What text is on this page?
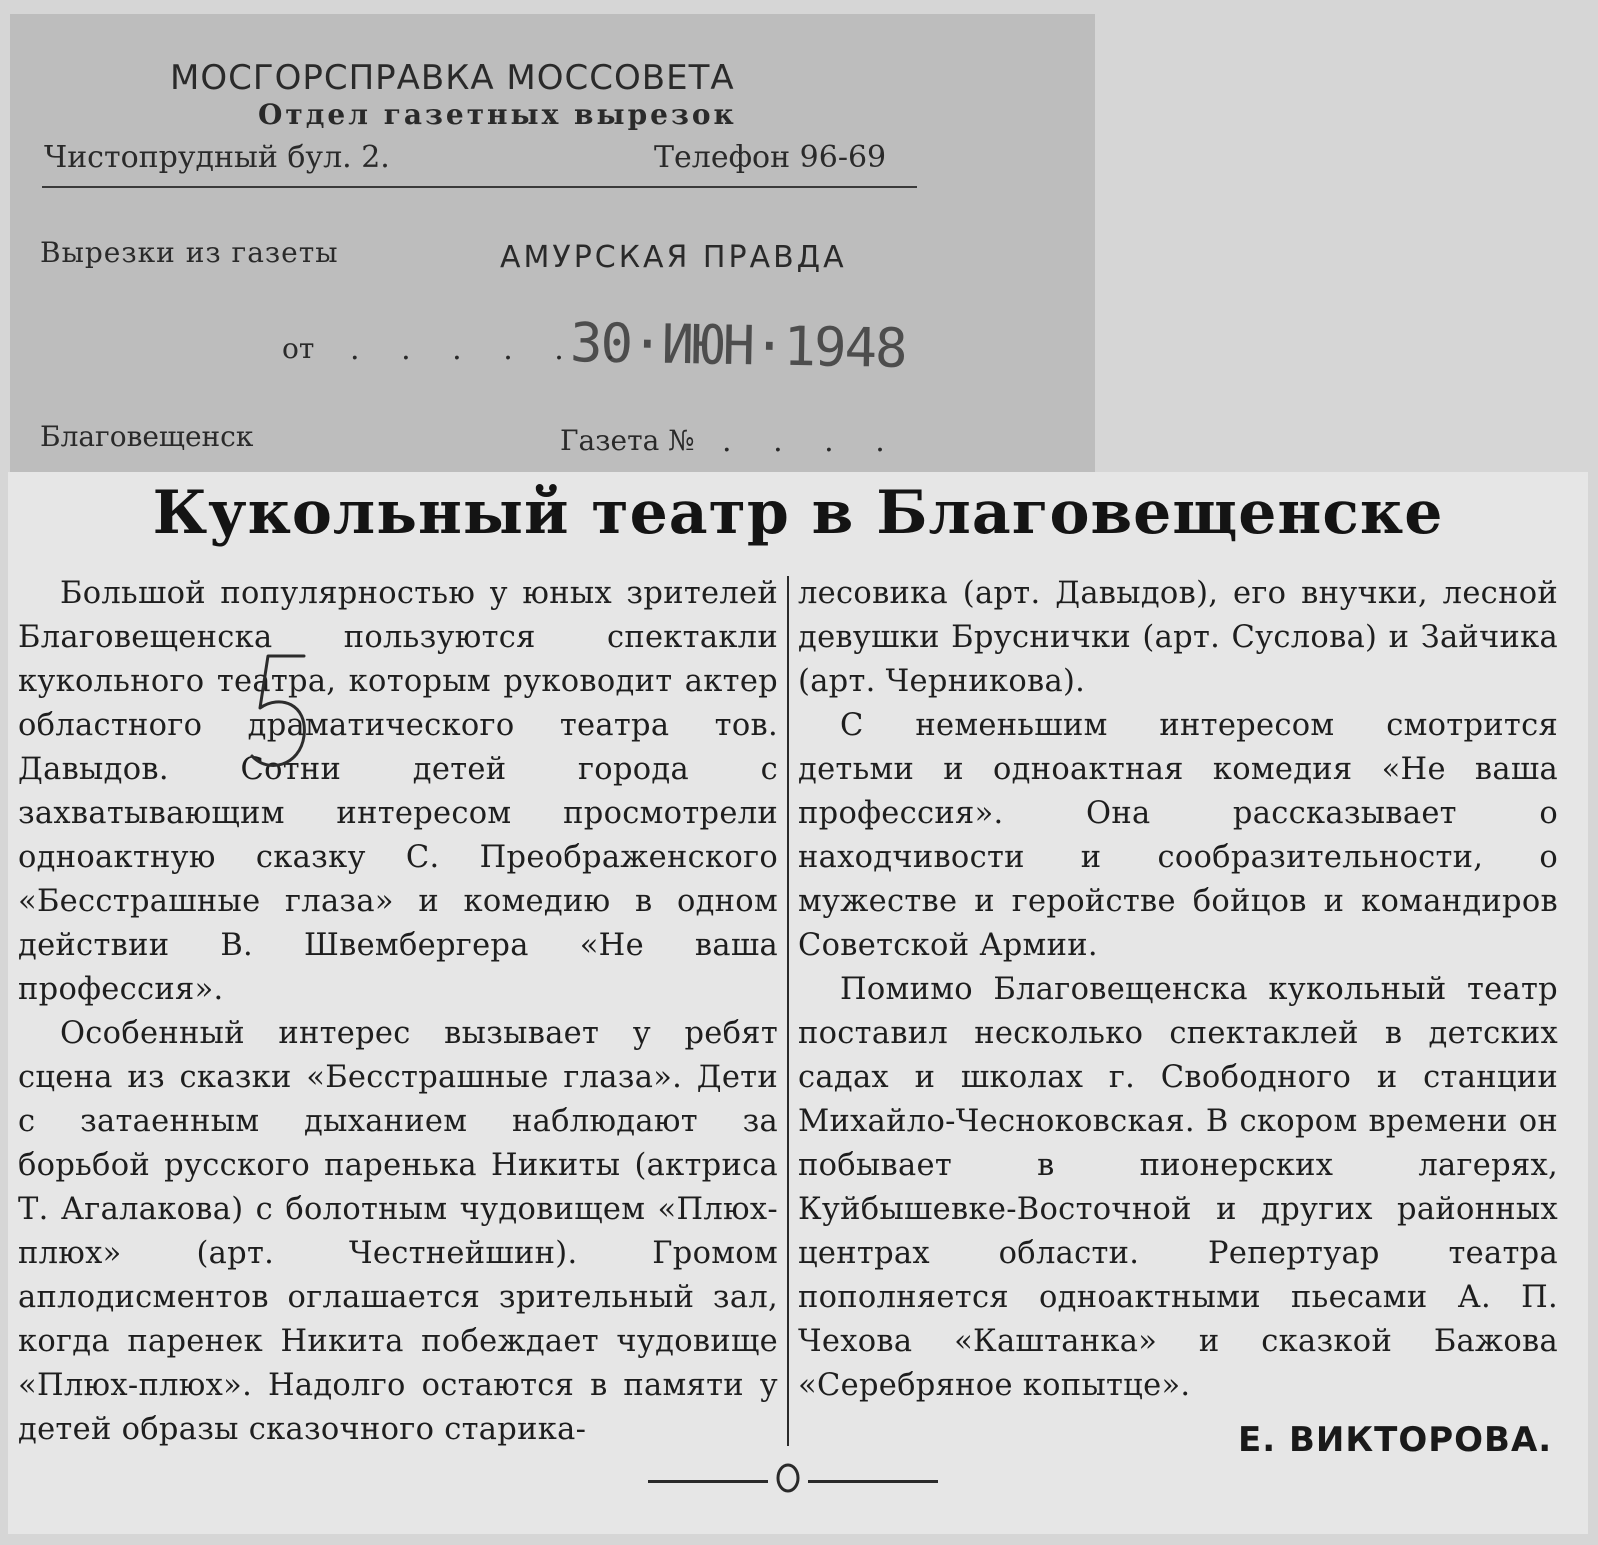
МОСГОРСПРАВКА МОССОВЕТА
Отдел газетных вырезок
Чистопрудный бул. 2.	Телефон 96-69
Вырезки из газеты	АМУРСКАЯ ПРАВДА
от . . . . . .
30·ИЮН·1948
Благовещенск	Газета № . . . .
Кукольный театр в Благовещенске

Большой популярностью у юных зрителей Благовещенска пользуются спектакли кукольного театра, которым руководит актер областного драматического театра тов. Давыдов. Сотни детей города с захватывающим интересом просмотрели одноактную сказку С. Преображенского «Бесстрашные глаза» и комедию в одном действии В. Швембергера «Не ваша профессия».

Особенный интерес вызывает у ребят сцена из сказки «Бесстрашные глаза». Дети с затаенным дыханием наблюдают за борьбой русского паренька Никиты (актриса Т. Агалакова) с болотным чудовищем «Плюх-плюх» (арт. Честнейшин). Громом аплодисментов оглашается зрительный зал, когда паренек Никита побеждает чудовище «Плюх-плюх». Надолго остаются в памяти у детей образы сказочного старика-

лесовика (арт. Давыдов), его внучки, лесной девушки Бруснички (арт. Суслова) и Зайчика (арт. Черникова).

С неменьшим интересом смотрится детьми и одноактная комедия «Не ваша профессия». Она рассказывает о находчивости и сообразительности, о мужестве и геройстве бойцов и командиров Советской Армии.

Помимо Благовещенска кукольный театр поставил несколько спектаклей в детских садах и школах г. Свободного и станции Михайло-Чесноковская. В скором времени он побывает в пионерских лагерях, Куйбышевке-Восточной и других районных центрах области. Репертуар театра пополняется одноактными пьесами А. П. Чехова «Каштанка» и сказкой Бажова «Серебряное копытце».

Е. ВИКТОРОВА.
